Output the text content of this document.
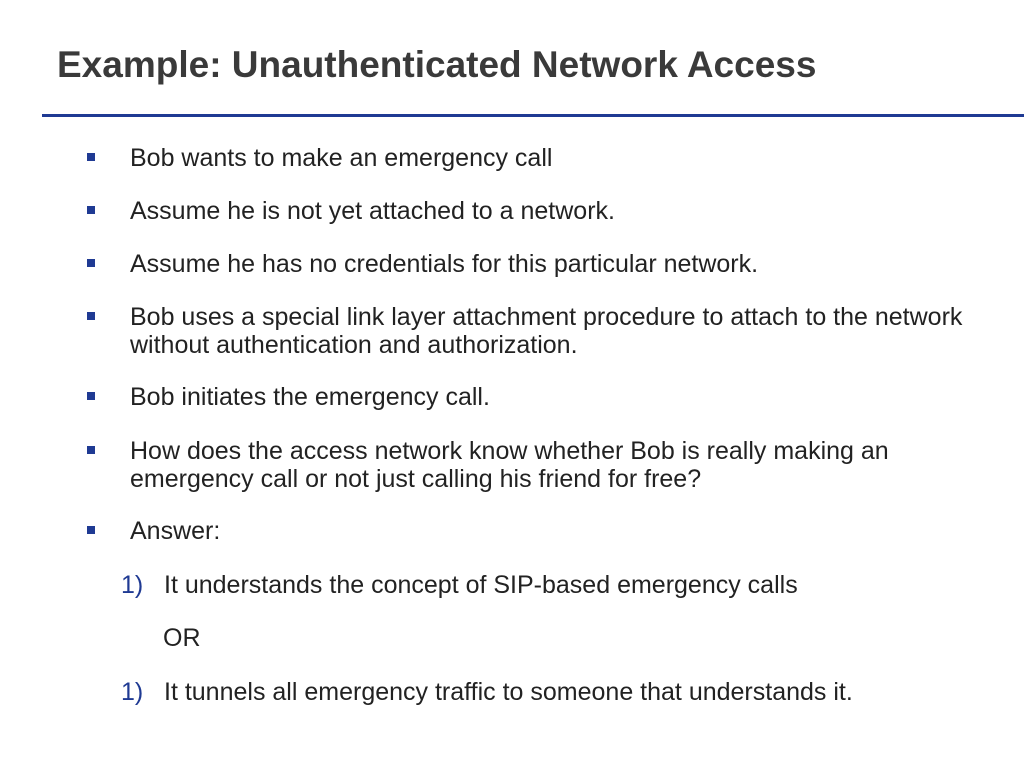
Example: Unauthenticated Network Access
Bob wants to make an emergency call
Assume he is not yet attached to a network.
Assume he has no credentials for this particular network.
Bob uses a special link layer attachment procedure to attach to the network without authentication and authorization.
Bob initiates the emergency call.
How does the access network know whether Bob is really making an emergency call or not just calling his friend for free?
Answer:
1) It understands the concept of SIP-based emergency calls
OR
1) It tunnels all emergency traffic to someone that understands it.
